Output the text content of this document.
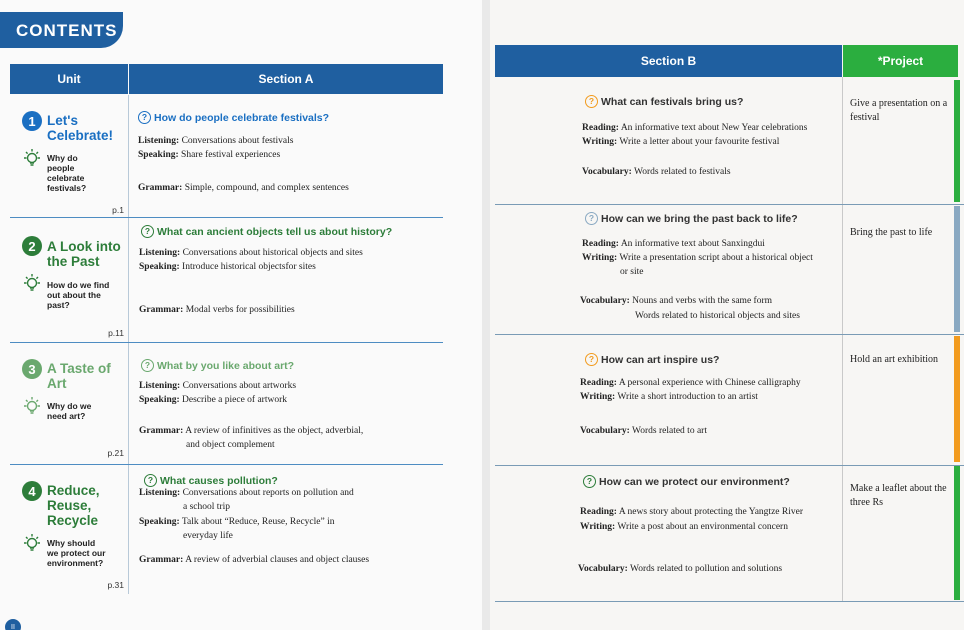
CONTENTS
Unit	Section A
1 Let's
Celebrate!
Why do
people
celebrate
festivals?
p.1
? How do people celebrate festivals?
Listening: Conversations about festivals
Speaking: Share festival experiences
Grammar: Simple, compound, and complex sentences
2 A Look into
the Past
How do we find
out about the
past?
p.11
? What can ancient objects tell us about history?
Listening: Conversations about historical objects and sites
Speaking: Introduce historical objectsfor sites
Grammar: Modal verbs for possibilities
3 A Taste of
Art
Why do we
need art?
p.21
? What by you like about art?
Listening: Conversations about artworks
Speaking: Describe a piece of artwork
Grammar: A review of infinitives as the object, adverbial,
and object complement
4 Reduce,
Reuse,
Recycle
Why should
we protect our
environment?
p.31
? What causes pollution?
Listening: Conversations about reports on pollution and
a school trip
Speaking: Talk about “Reduce, Reuse, Recycle” in
everyday life
Grammar: A review of adverbial clauses and object clauses
II
Section B	*Project
? What can festivals bring us?
Reading: An informative text about New Year celebrations
Writing: Write a letter about your favourite festival
Vocabulary: Words related to festivals
Give a presentation on a
festival
? How can we bring the past back to life?
Reading: An informative text about Sanxingdui
Writing: Write a presentation script about a historical object
or site
Vocabulary: Nouns and verbs with the same form
Words related to historical objects and sites
Bring the past to life
? How can art inspire us?
Reading: A personal experience with Chinese calligraphy
Writing: Write a short introduction to an artist
Vocabulary: Words related to art
Hold an art exhibition
? How can we protect our environment?
Reading: A news story about protecting the Yangtze River
Writing: Write a post about an environmental concern
Vocabulary: Words related to pollution and solutions
Make a leaflet about the
three Rs
